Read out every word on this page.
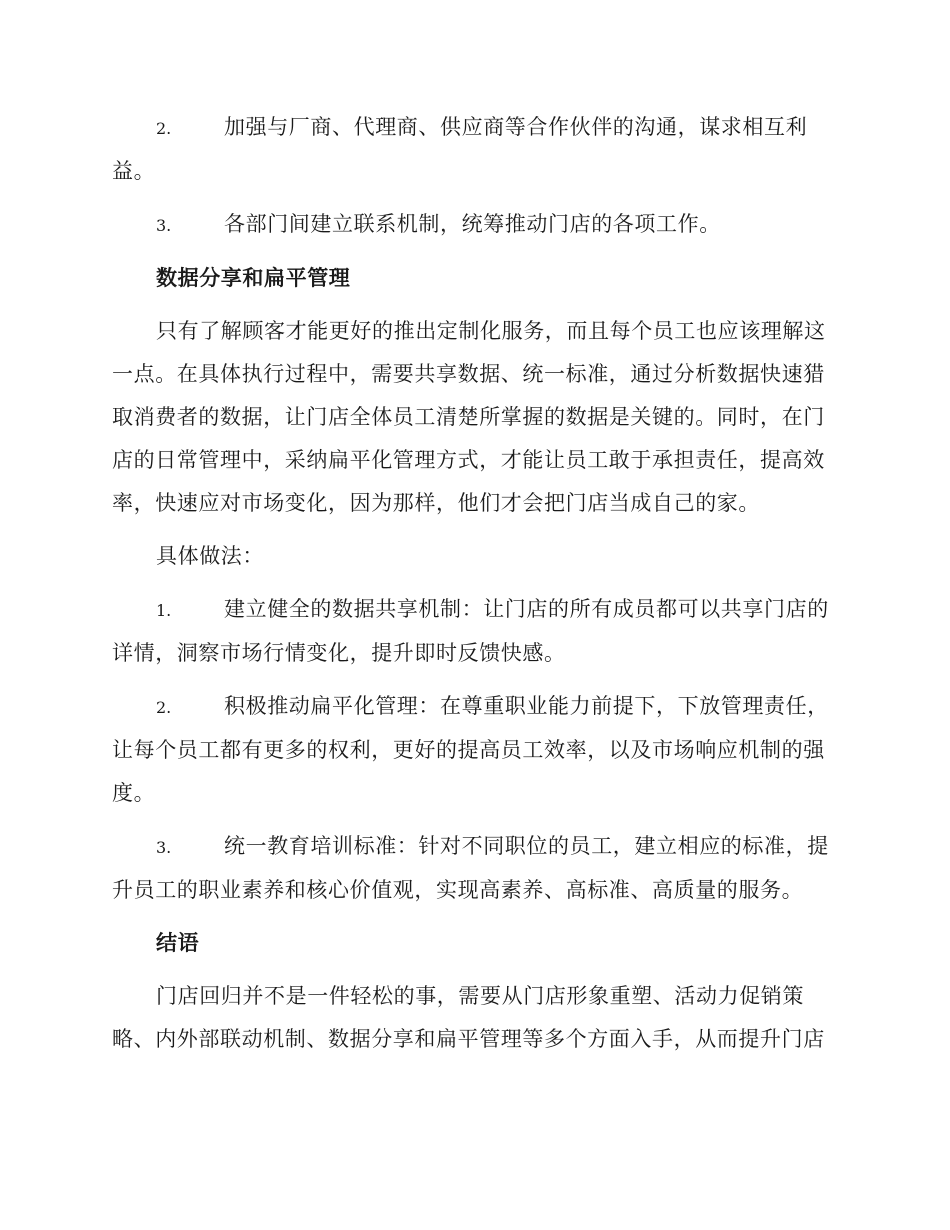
2.	加强与厂商、代理商、供应商等合作伙伴的沟通，谋求相互利益。

3.	各部门间建立联系机制，统筹推动门店的各项工作。

数据分享和扁平管理

只有了解顾客才能更好的推出定制化服务，而且每个员工也应该理解这一点。在具体执行过程中，需要共享数据、统一标准，通过分析数据快速猎取消费者的数据，让门店全体员工清楚所掌握的数据是关键的。同时，在门店的日常管理中，采纳扁平化管理方式，才能让员工敢于承担责任，提高效率，快速应对市场变化，因为那样，他们才会把门店当成自己的家。

具体做法：

1.	建立健全的数据共享机制：让门店的所有成员都可以共享门店的详情，洞察市场行情变化，提升即时反馈快感。

2.	积极推动扁平化管理：在尊重职业能力前提下，下放管理责任，让每个员工都有更多的权利，更好的提高员工效率，以及市场响应机制的强度。

3.	统一教育培训标准：针对不同职位的员工，建立相应的标准，提升员工的职业素养和核心价值观，实现高素养、高标准、高质量的服务。

结语

门店回归并不是一件轻松的事，需要从门店形象重塑、活动力促销策略、内外部联动机制、数据分享和扁平管理等多个方面入手，从而提升门店
